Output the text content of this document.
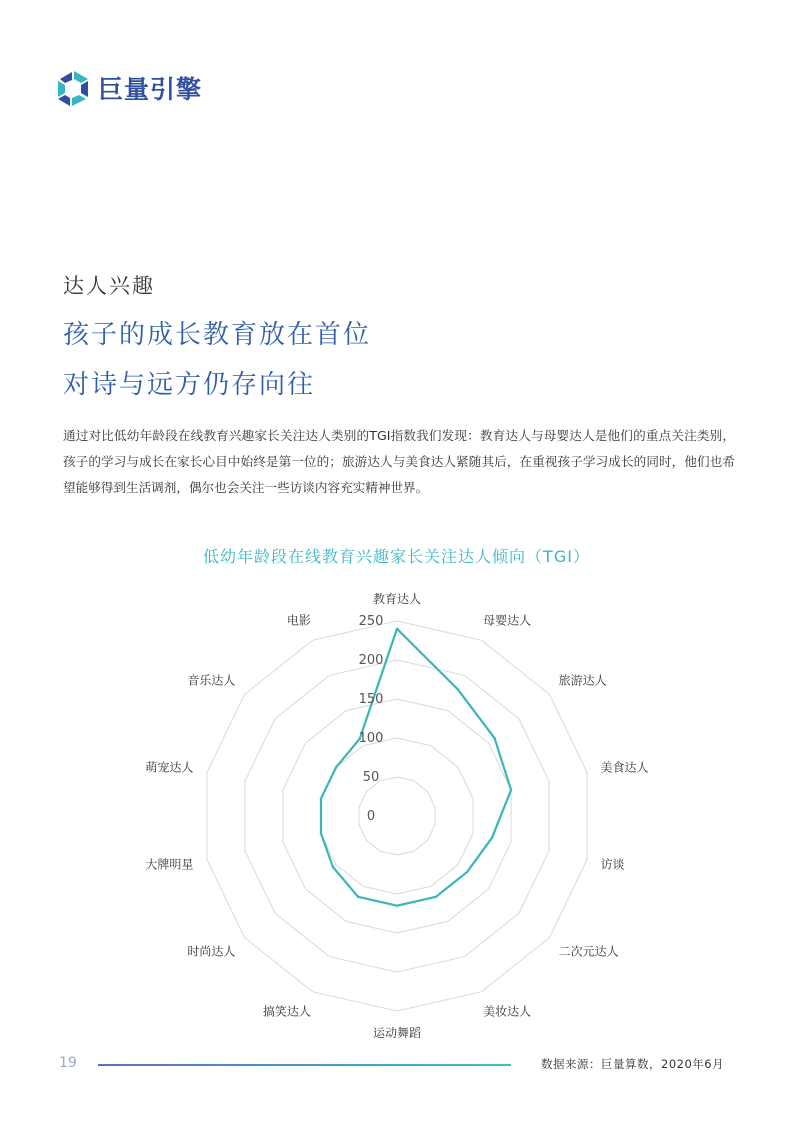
巨量引擎
达人兴趣
孩子的成长教育放在首位
对诗与远方仍存向往
通过对比低幼年龄段在线教育兴趣家长关注达人类别的TGI指数我们发现：教育达人与母婴达人是他们的重点关注类别，孩子的学习与成长在家长心目中始终是第一位的；旅游达人与美食达人紧随其后，在重视孩子学习成长的同时，他们也希望能够得到生活调剂，偶尔也会关注一些访谈内容充实精神世界。
低幼年龄段在线教育兴趣家长关注达人倾向（TGI）
0
50
100
150
200
250
教育达人
母婴达人
旅游达人
美食达人
访谈
二次元达人
美妆达人
运动舞蹈
搞笑达人
时尚达人
大牌明星
萌宠达人
音乐达人
电影
19	数据来源：巨量算数，2020年6月
